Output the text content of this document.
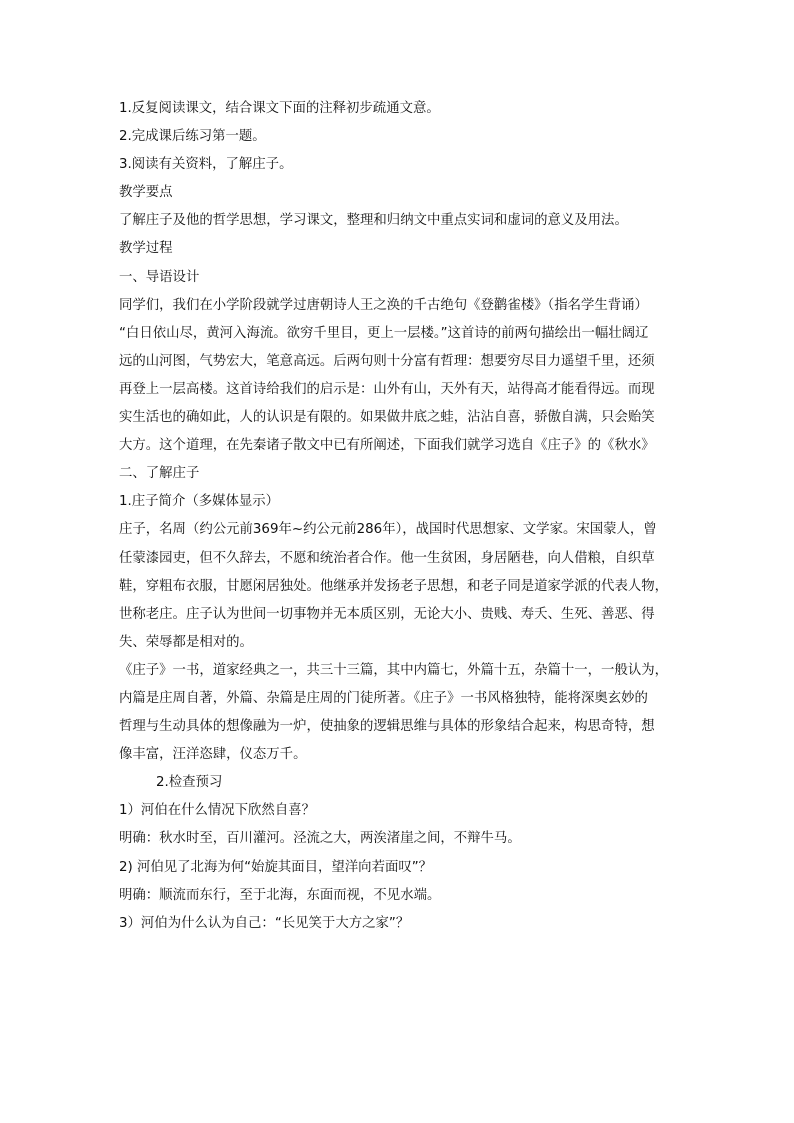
1.反复阅读课文，结合课文下面的注释初步疏通文意。
2.完成课后练习第一题。
3.阅读有关资料，了解庄子。
教学要点
了解庄子及他的哲学思想，学习课文，整理和归纳文中重点实词和虚词的意义及用法。
教学过程
一、导语设计
同学们，我们在小学阶段就学过唐朝诗人王之涣的千古绝句《登鹳雀楼》（指名学生背诵）
“白日依山尽，黄河入海流。欲穷千里目，更上一层楼。”这首诗的前两句描绘出一幅壮阔辽
远的山河图，气势宏大，笔意高远。后两句则十分富有哲理：想要穷尽目力遥望千里，还须
再登上一层高楼。这首诗给我们的启示是：山外有山，天外有天，站得高才能看得远。而现
实生活也的确如此，人的认识是有限的。如果做井底之蛙，沾沾自喜，骄傲自满，只会贻笑
大方。这个道理，在先秦诸子散文中已有所阐述，下面我们就学习选自《庄子》的《秋水》
二、了解庄子
1.庄子简介（多媒体显示）
庄子，名周（约公元前369年~约公元前286年），战国时代思想家、文学家。宋国蒙人，曾
任蒙漆园吏，但不久辞去，不愿和统治者合作。他一生贫困，身居陋巷，向人借粮，自织草
鞋，穿粗布衣服，甘愿闲居独处。他继承并发扬老子思想，和老子同是道家学派的代表人物，
世称老庄。庄子认为世间一切事物并无本质区别，无论大小、贵贱、寿夭、生死、善恶、得
失、荣辱都是相对的。
《庄子》一书，道家经典之一，共三十三篇，其中内篇七，外篇十五，杂篇十一，一般认为，
内篇是庄周自著，外篇、杂篇是庄周的门徒所著。《庄子》一书风格独特，能将深奥玄妙的
哲理与生动具体的想像融为一炉，使抽象的逻辑思维与具体的形象结合起来，构思奇特，想
像丰富，汪洋恣肆，仪态万千。
2.检查预习
1）河伯在什么情况下欣然自喜？
明确：秋水时至，百川灌河。泾流之大，两涘渚崖之间，不辩牛马。
2) 河伯见了北海为何“始旋其面目，望洋向若面叹”？
明确：顺流而东行，至于北海，东面而视，不见水端。
3）河伯为什么认为自己：“长见笑于大方之家”？
